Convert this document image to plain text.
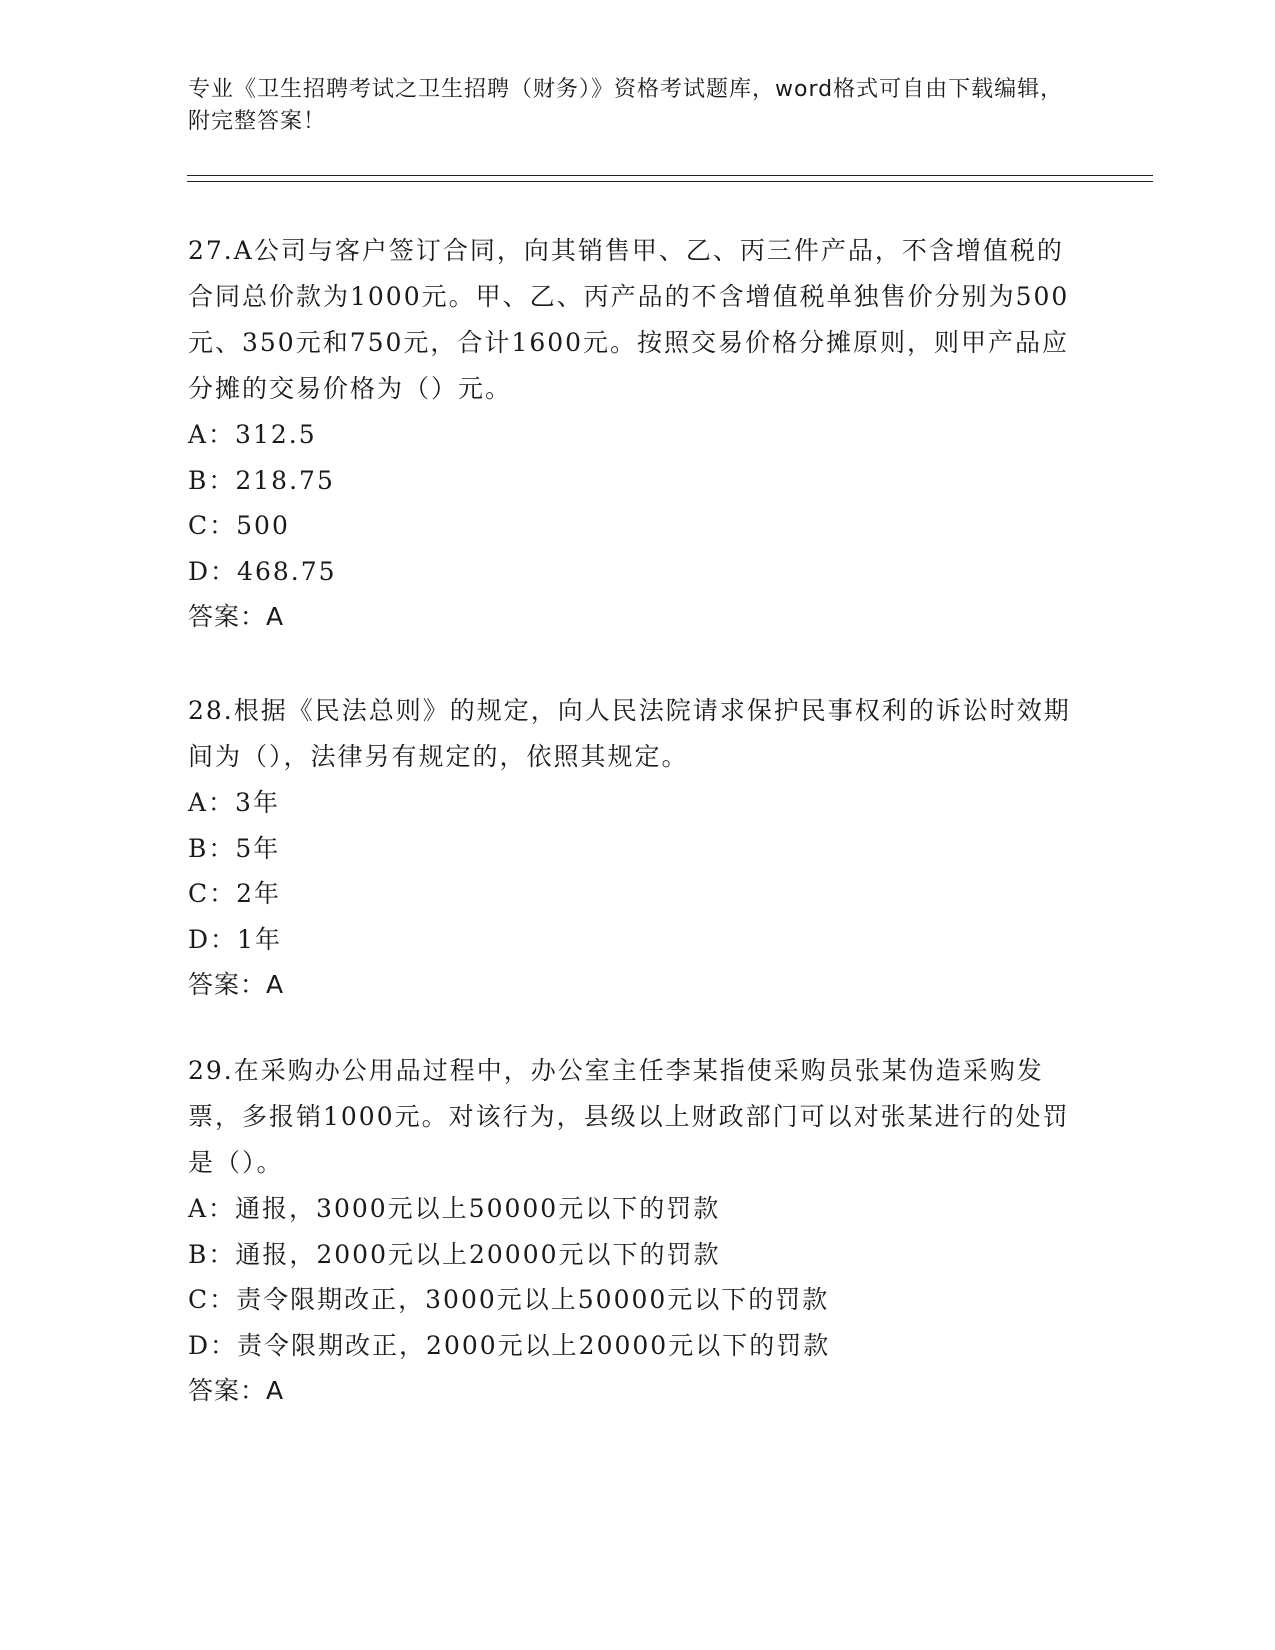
专业《卫生招聘考试之卫生招聘（财务）》资格考试题库，word格式可自由下载编辑，附完整答案！

27.A公司与客户签订合同，向其销售甲、乙、丙三件产品，不含增值税的合同总价款为1000元。甲、乙、丙产品的不含增值税单独售价分别为500元、350元和750元，合计1600元。按照交易价格分摊原则，则甲产品应分摊的交易价格为（）元。

A：312.5

B：218.75

C：500

D：468.75

答案：A

28.根据《民法总则》的规定，向人民法院请求保护民事权利的诉讼时效期间为（），法律另有规定的，依照其规定。

A：3年

B：5年

C：2年

D：1年

答案：A

29.在采购办公用品过程中，办公室主任李某指使采购员张某伪造采购发票，多报销1000元。对该行为，县级以上财政部门可以对张某进行的处罚是（）。

A：通报，3000元以上50000元以下的罚款

B：通报，2000元以上20000元以下的罚款

C：责令限期改正，3000元以上50000元以下的罚款

D：责令限期改正，2000元以上20000元以下的罚款

答案：A
